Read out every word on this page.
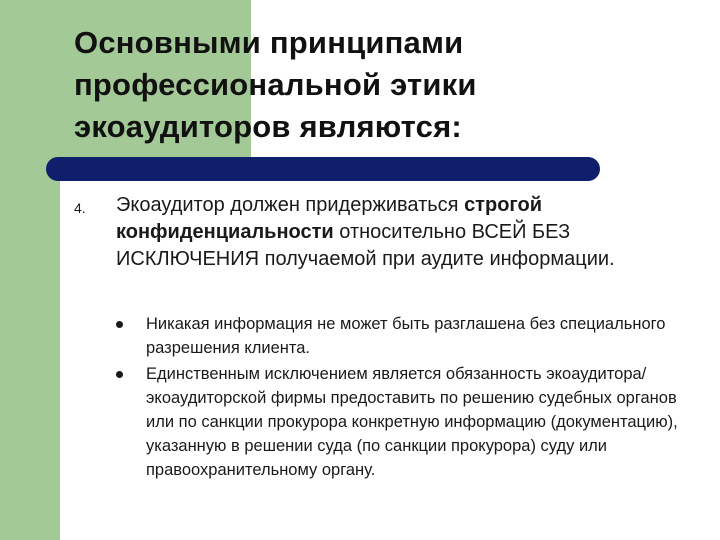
Основными принципами профессиональной этики экоаудиторов являются:
4. Экоаудитор должен придерживаться строгой конфиденциальности относительно ВСЕЙ БЕЗ ИСКЛЮЧЕНИЯ получаемой при аудите информации.

Никакая информация не может быть разглашена без специального разрешения клиента.
Единственным исключением является обязанность экоаудитора/экоаудиторской фирмы предоставить по решению судебных органов или по санкции прокурора конкретную информацию (документацию), указанную в решении суда (по санкции прокурора) суду или правоохранительному органу.
